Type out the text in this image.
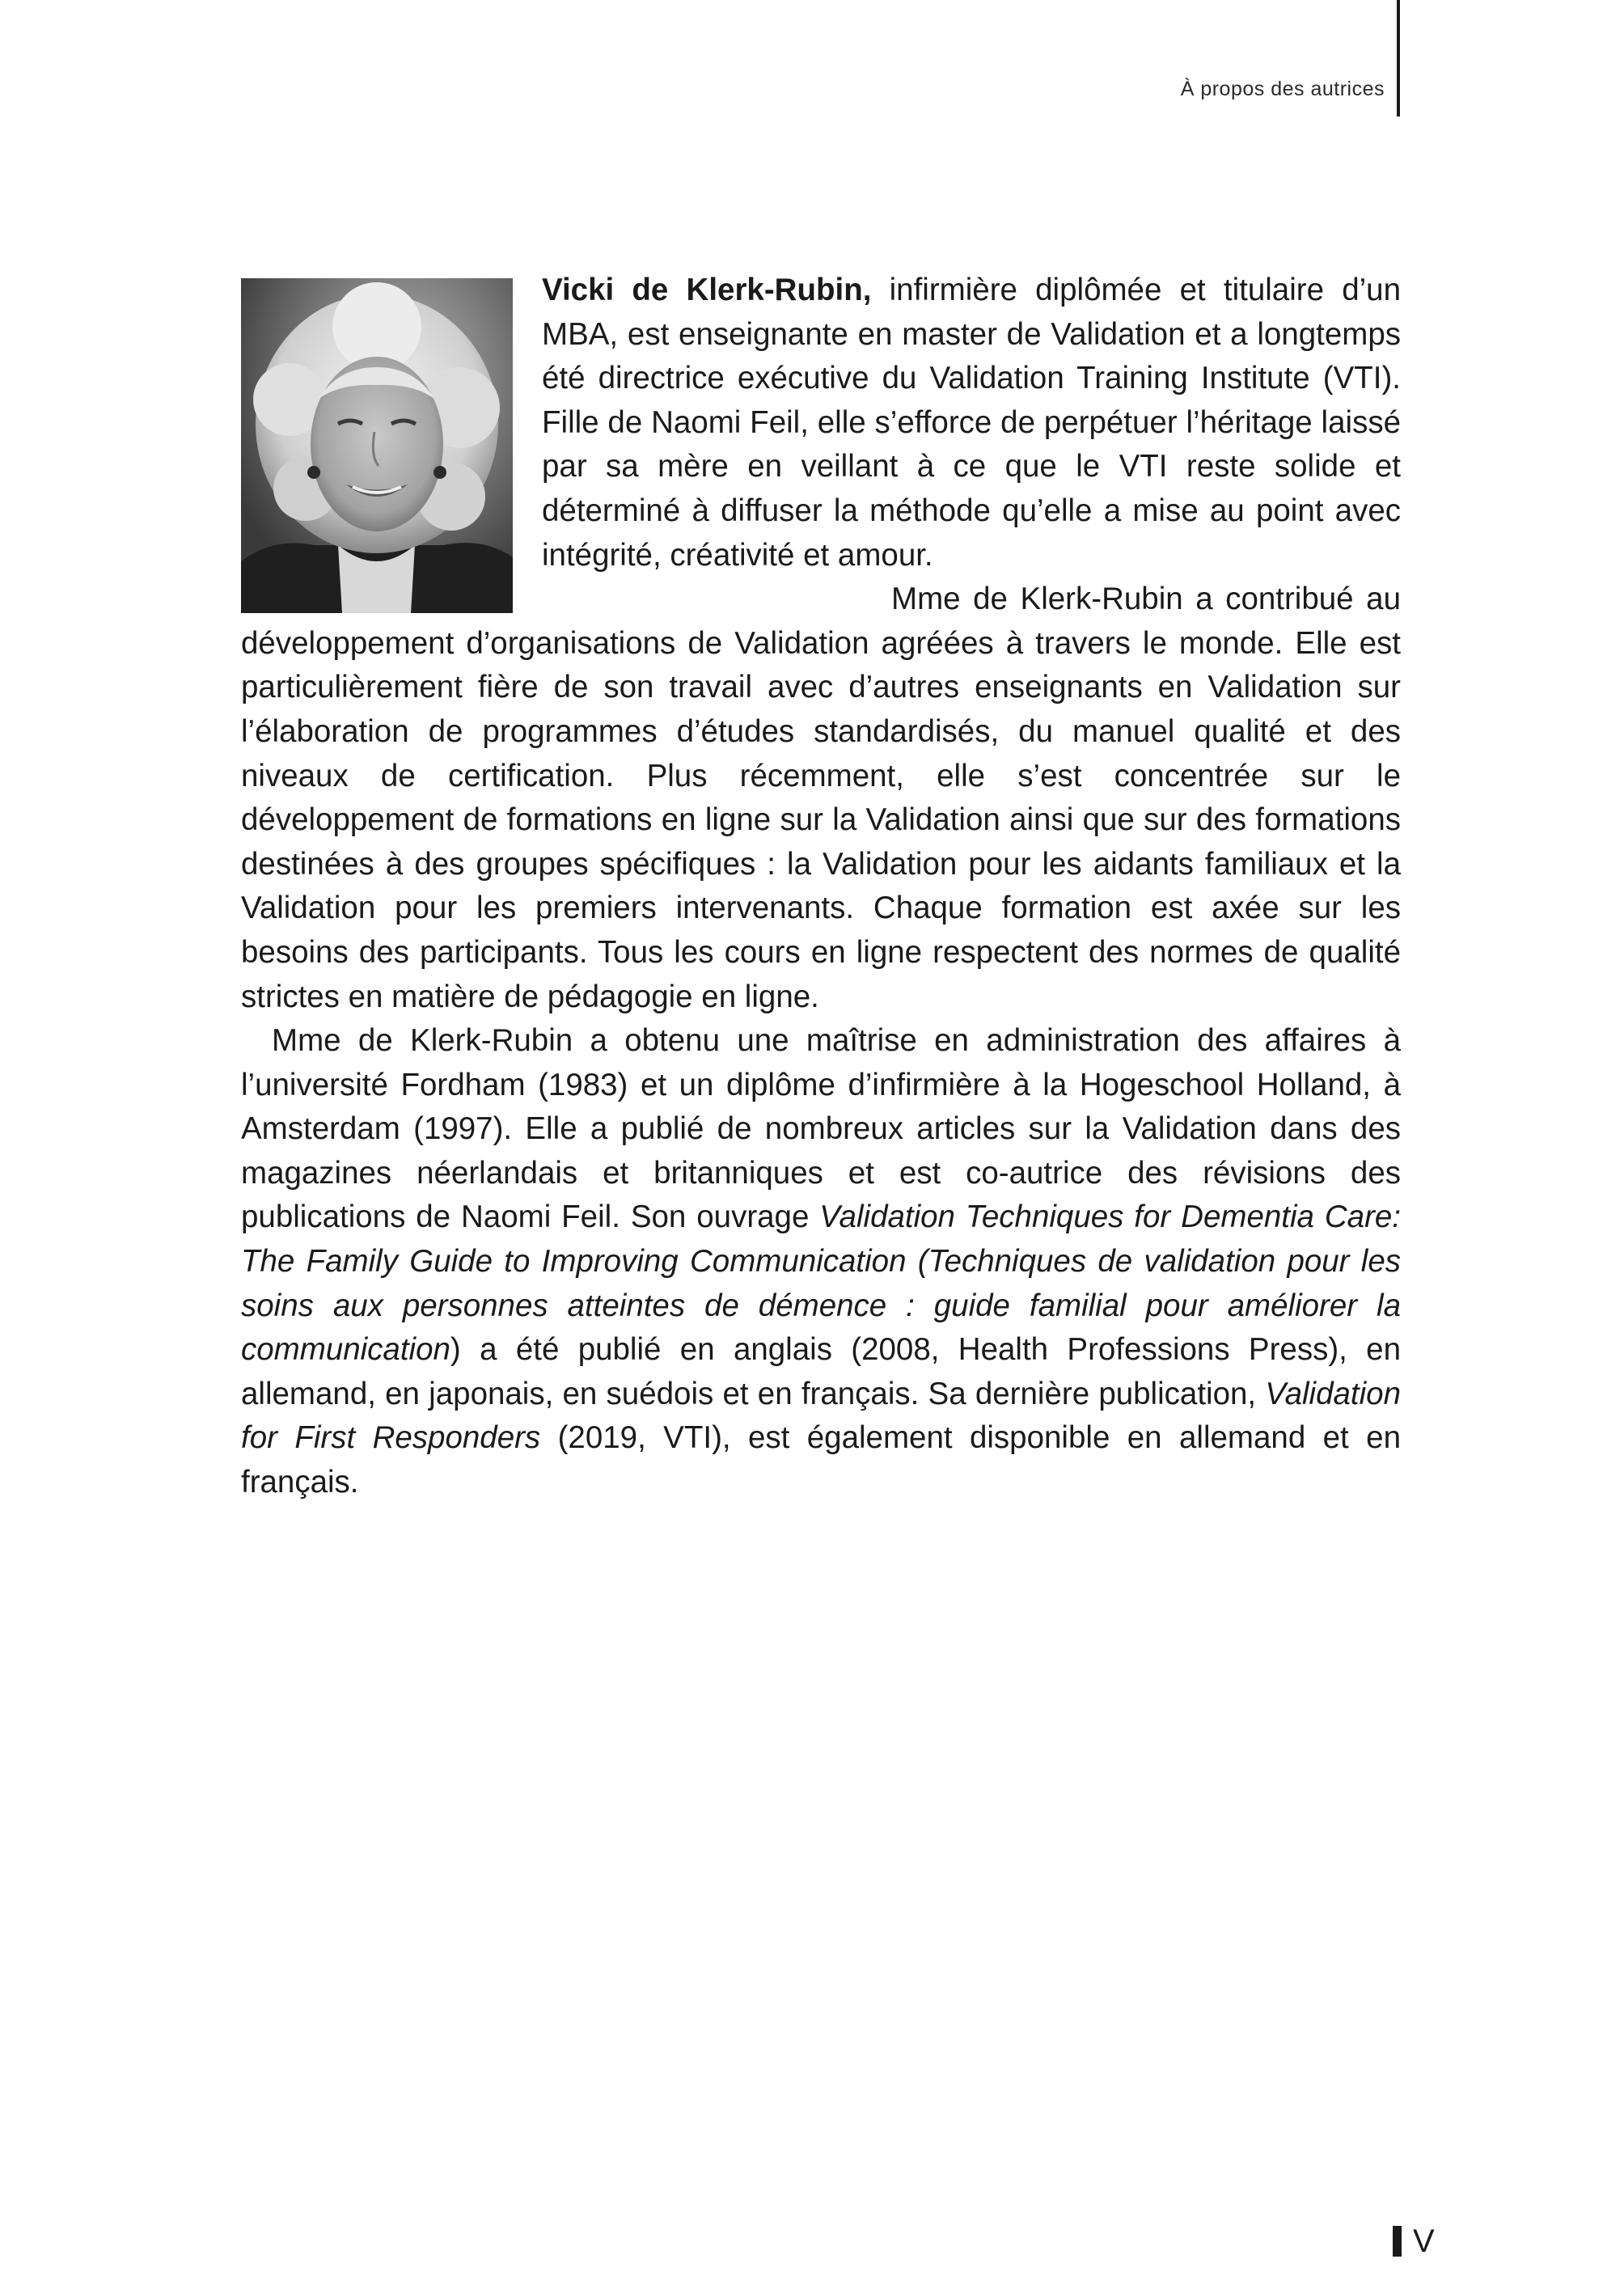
À propos des autrices

Vicki de Klerk-Rubin, infirmière diplômée et titulaire d’un MBA, est enseignante en master de Validation et a longtemps été directrice exécutive du Validation Training Institute (VTI). Fille de Naomi Feil, elle s’efforce de perpétuer l’héritage laissé par sa mère en veillant à ce que le VTI reste solide et déterminé à diffuser la méthode qu’elle a mise au point avec intégrité, créativité et amour.

Mme de Klerk-Rubin a contribué au développement d’organisations de Validation agréées à travers le monde. Elle est particulièrement fière de son travail avec d’autres enseignants en Validation sur l’élaboration de programmes d’études standardisés, du manuel qualité et des niveaux de certification. Plus récemment, elle s’est concentrée sur le développement de formations en ligne sur la Validation ainsi que sur des formations destinées à des groupes spécifiques : la Validation pour les aidants familiaux et la Validation pour les premiers intervenants. Chaque formation est axée sur les besoins des participants. Tous les cours en ligne respectent des normes de qualité strictes en matière de pédagogie en ligne.

Mme de Klerk-Rubin a obtenu une maîtrise en administration des affaires à l’université Fordham (1983) et un diplôme d’infirmière à la Hogeschool Holland, à Amsterdam (1997). Elle a publié de nombreux articles sur la Validation dans des magazines néerlandais et britanniques et est co-autrice des révisions des publications de Naomi Feil. Son ouvrage Validation Techniques for Dementia Care: The Family Guide to Improving Communication (Techniques de validation pour les soins aux personnes atteintes de démence : guide familial pour améliorer la communication) a été publié en anglais (2008, Health Professions Press), en allemand, en japonais, en suédois et en français. Sa dernière publication, Validation for First Responders (2019, VTI), est également disponible en allemand et en français.

V
